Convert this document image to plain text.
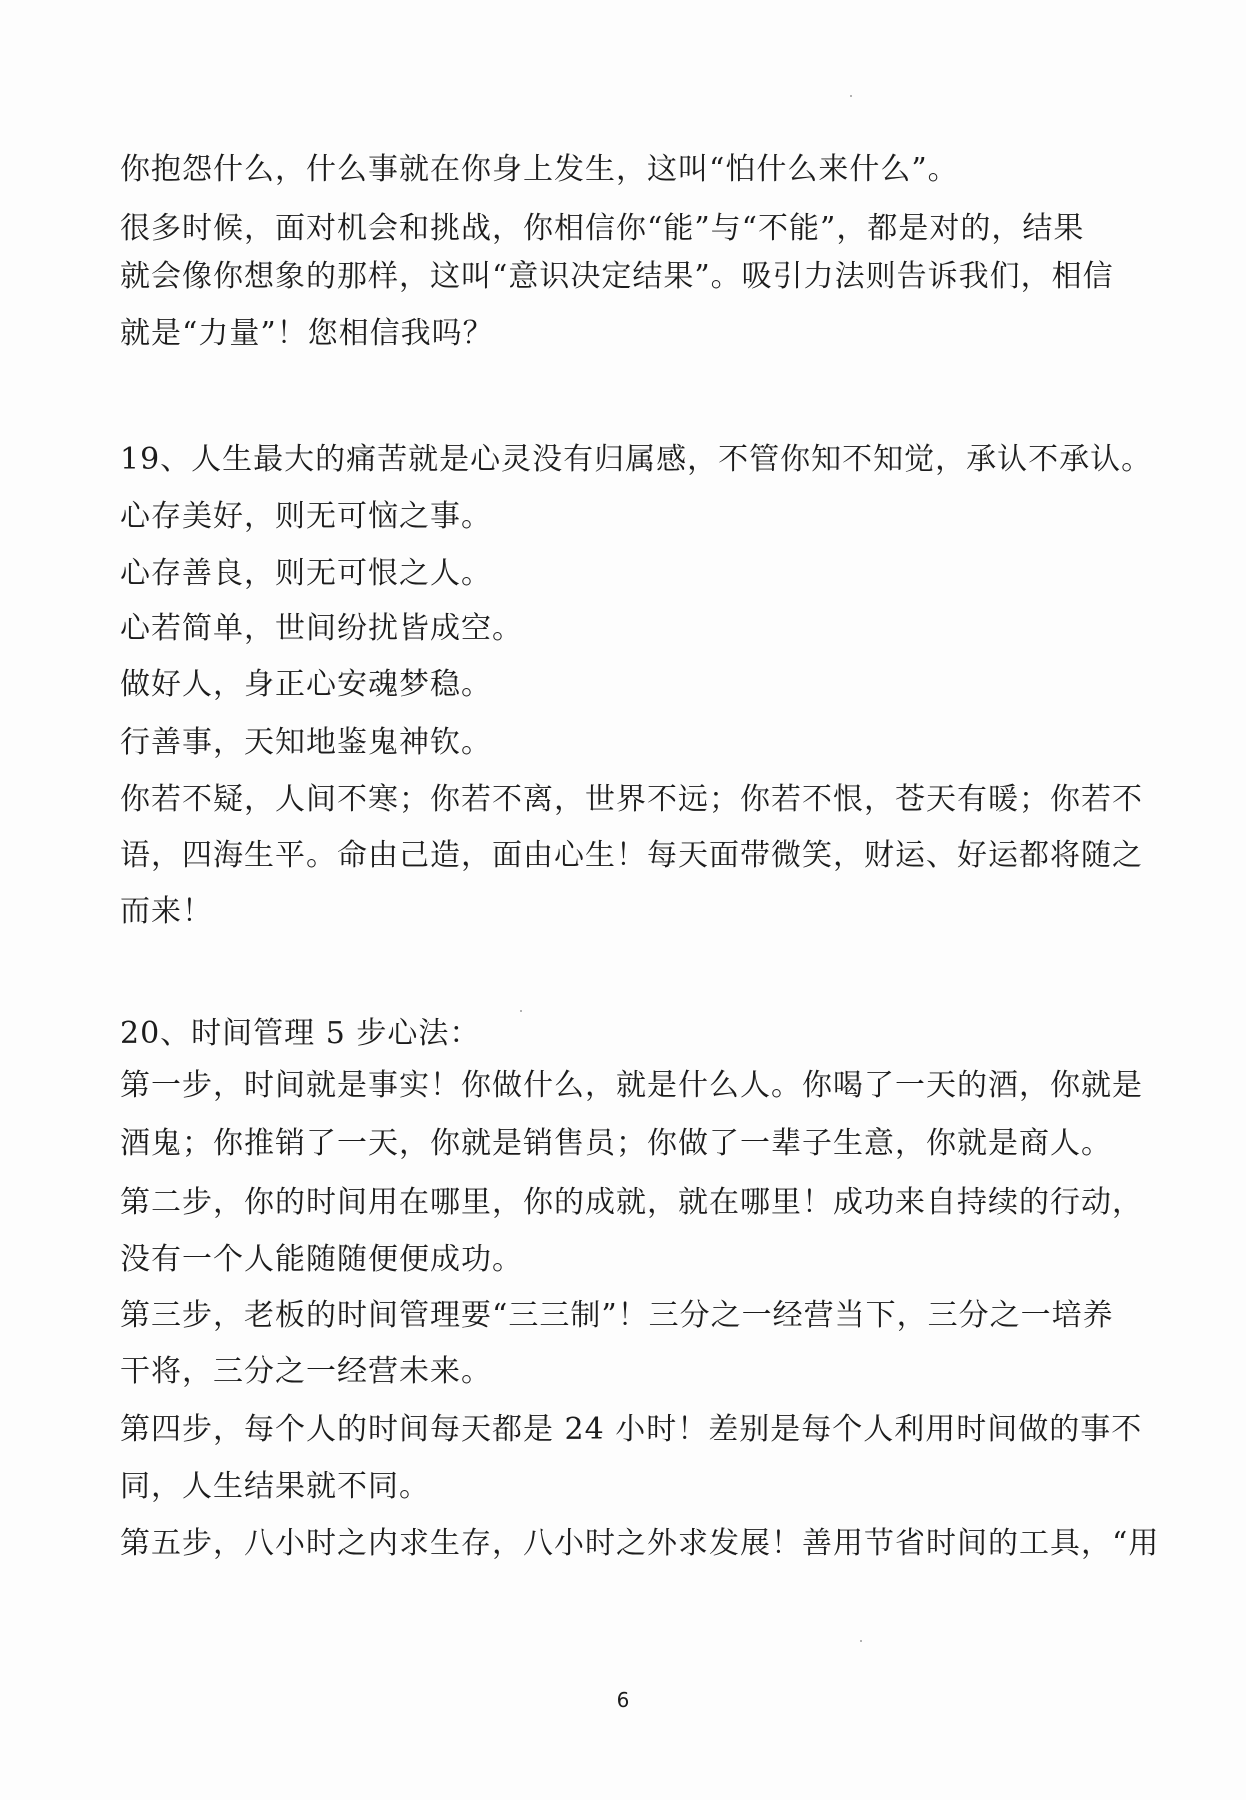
你抱怨什么，什么事就在你身上发生，这叫“怕什么来什么”。
很多时候，面对机会和挑战，你相信你“能”与“不能”，都是对的，结果
就会像你想象的那样，这叫“意识决定结果”。吸引力法则告诉我们，相信
就是“力量”！您相信我吗？
19、人生最大的痛苦就是心灵没有归属感，不管你知不知觉，承认不承认。
心存美好，则无可恼之事。
心存善良，则无可恨之人。
心若简单，世间纷扰皆成空。
做好人，身正心安魂梦稳。
行善事，天知地鉴鬼神钦。
你若不疑，人间不寒；你若不离，世界不远；你若不恨，苍天有暖；你若不
语，四海生平。命由己造，面由心生！每天面带微笑，财运、好运都将随之
而来！
20、时间管理 5 步心法：
第一步，时间就是事实！你做什么，就是什么人。你喝了一天的酒，你就是
酒鬼；你推销了一天，你就是销售员；你做了一辈子生意，你就是商人。
第二步，你的时间用在哪里，你的成就，就在哪里！成功来自持续的行动，
没有一个人能随随便便成功。
第三步，老板的时间管理要“三三制”！三分之一经营当下，三分之一培养
干将，三分之一经营未来。
第四步，每个人的时间每天都是 24 小时！差别是每个人利用时间做的事不
同，人生结果就不同。
第五步，八小时之内求生存，八小时之外求发展！善用节省时间的工具，“用
6
